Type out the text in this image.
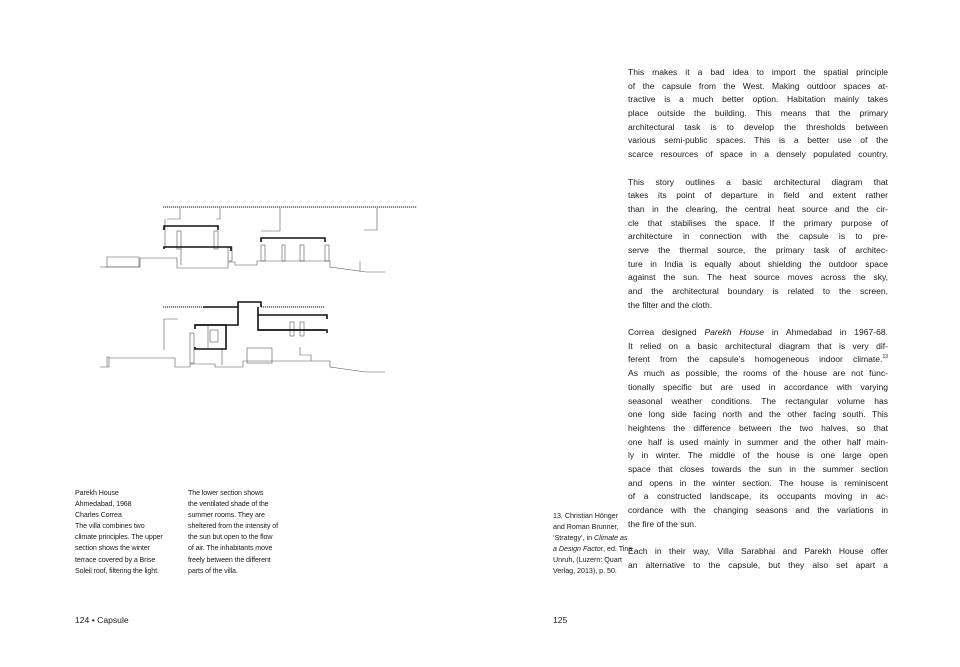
Parekh House
Ahmedabad, 1968
Charles Correa
The villa combines two
climate principles. The upper
section shows the winter
terrace covered by a Brise
Soleil roof, filtering the light.
The lower section shows
the ventilated shade of the
summer rooms. They are
sheltered from the intensity of
the sun but open to the flow
of air. The inhabitants move
freely between the different
parts of the villa.
124 • Capsule
13. Christian Hönger
and Roman Brunner,
‘Strategy’, in Climate as
a Design Factor, ed. Tina
Unruh, (Luzern: Quart
Verlag, 2013), p. 50.
This makes it a bad idea to import the spatial principle
of the capsule from the West. Making outdoor spaces at-
tractive is a much better option. Habitation mainly takes
place outside the building. This means that the primary
architectural task is to develop the thresholds between
various semi-public spaces. This is a better use of the
scarce resources of space in a densely populated country.
This story outlines a basic architectural diagram that
takes its point of departure in field and extent rather
than in the clearing, the central heat source and the cir-
cle that stabilises the space. If the primary purpose of
architecture in connection with the capsule is to pre-
serve the thermal source, the primary task of architec-
ture in India is equally about shielding the outdoor space
against the sun. The heat source moves across the sky,
and the architectural boundary is related to the screen,
the filter and the cloth.
Correa designed Parekh House in Ahmedabad in 1967-68.
It relied on a basic architectural diagram that is very dif-
ferent from the capsule’s homogeneous indoor climate.$^{13}$
As much as possible, the rooms of the house are not func-
tionally specific but are used in accordance with varying
seasonal weather conditions. The rectangular volume has
one long side facing north and the other facing south. This
heightens the difference between the two halves, so that
one half is used mainly in summer and the other half main-
ly in winter. The middle of the house is one large open
space that closes towards the sun in the summer section
and opens in the winter section. The house is reminiscent
of a constructed landscape, its occupants moving in ac-
cordance with the changing seasons and the variations in
the fire of the sun.
Each in their way, Villa Sarabhai and Parekh House offer
an alternative to the capsule, but they also set apart a
125
